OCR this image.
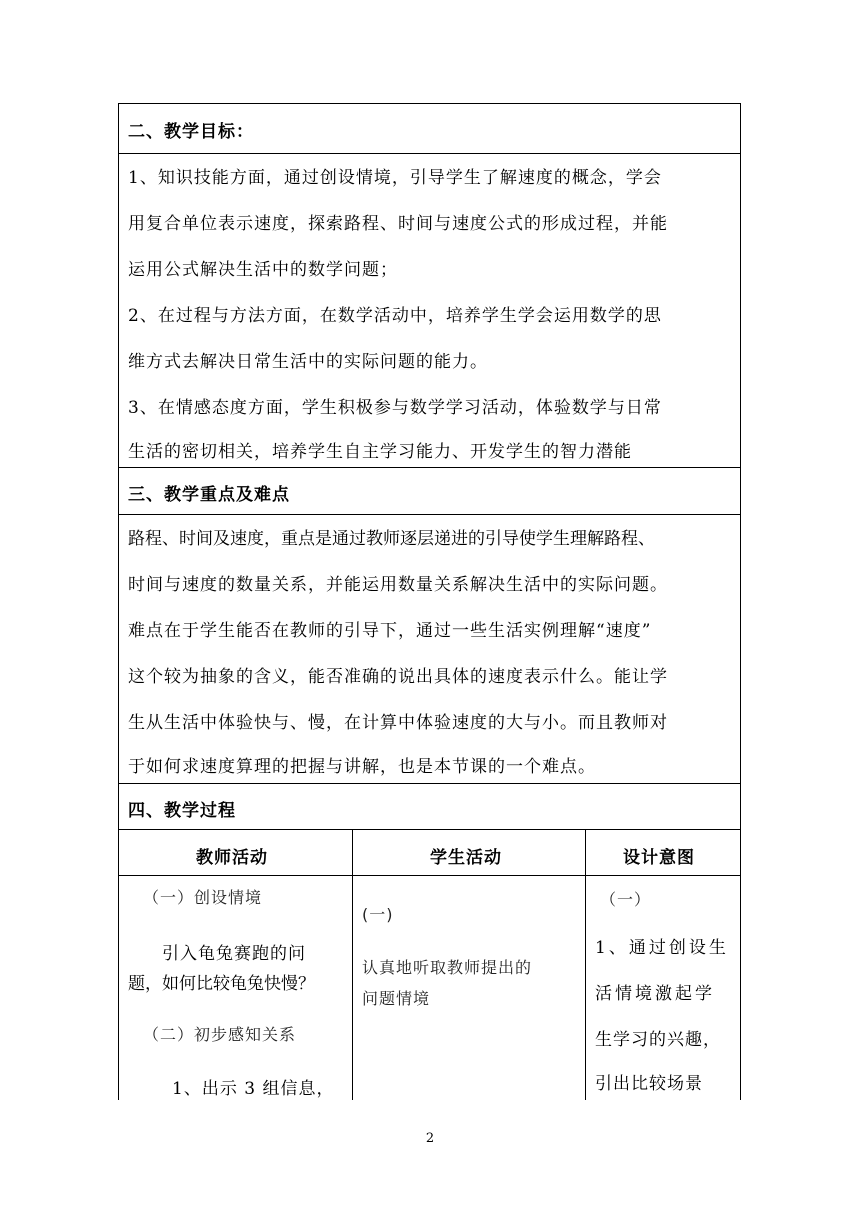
二、教学目标：
1、知识技能方面，通过创设情境，引导学生了解速度的概念，学会
用复合单位表示速度，探索路程、时间与速度公式的形成过程，并能
运用公式解决生活中的数学问题；
2、在过程与方法方面，在数学活动中，培养学生学会运用数学的思
维方式去解决日常生活中的实际问题的能力。
3、在情感态度方面，学生积极参与数学学习活动，体验数学与日常
生活的密切相关，培养学生自主学习能力、开发学生的智力潜能
三、教学重点及难点
路程、时间及速度，重点是通过教师逐层递进的引导使学生理解路程、
时间与速度的数量关系，并能运用数量关系解决生活中的实际问题。
难点在于学生能否在教师的引导下，通过一些生活实例理解“速度”
这个较为抽象的含义，能否准确的说出具体的速度表示什么。能让学
生从生活中体验快与、慢，在计算中体验速度的大与小。而且教师对
于如何求速度算理的把握与讲解，也是本节课的一个难点。
四、教学过程
教师活动	学生活动	设计意图
（一）创设情境
引入龟兔赛跑的问
题，如何比较龟兔快慢？
（二）初步感知关系
1、出示 3 组信息，
(一)
认真地听取教师提出的
问题情境
（一）
1、通过创设生
活情境激起学
生学习的兴趣，
引出比较场景
2
